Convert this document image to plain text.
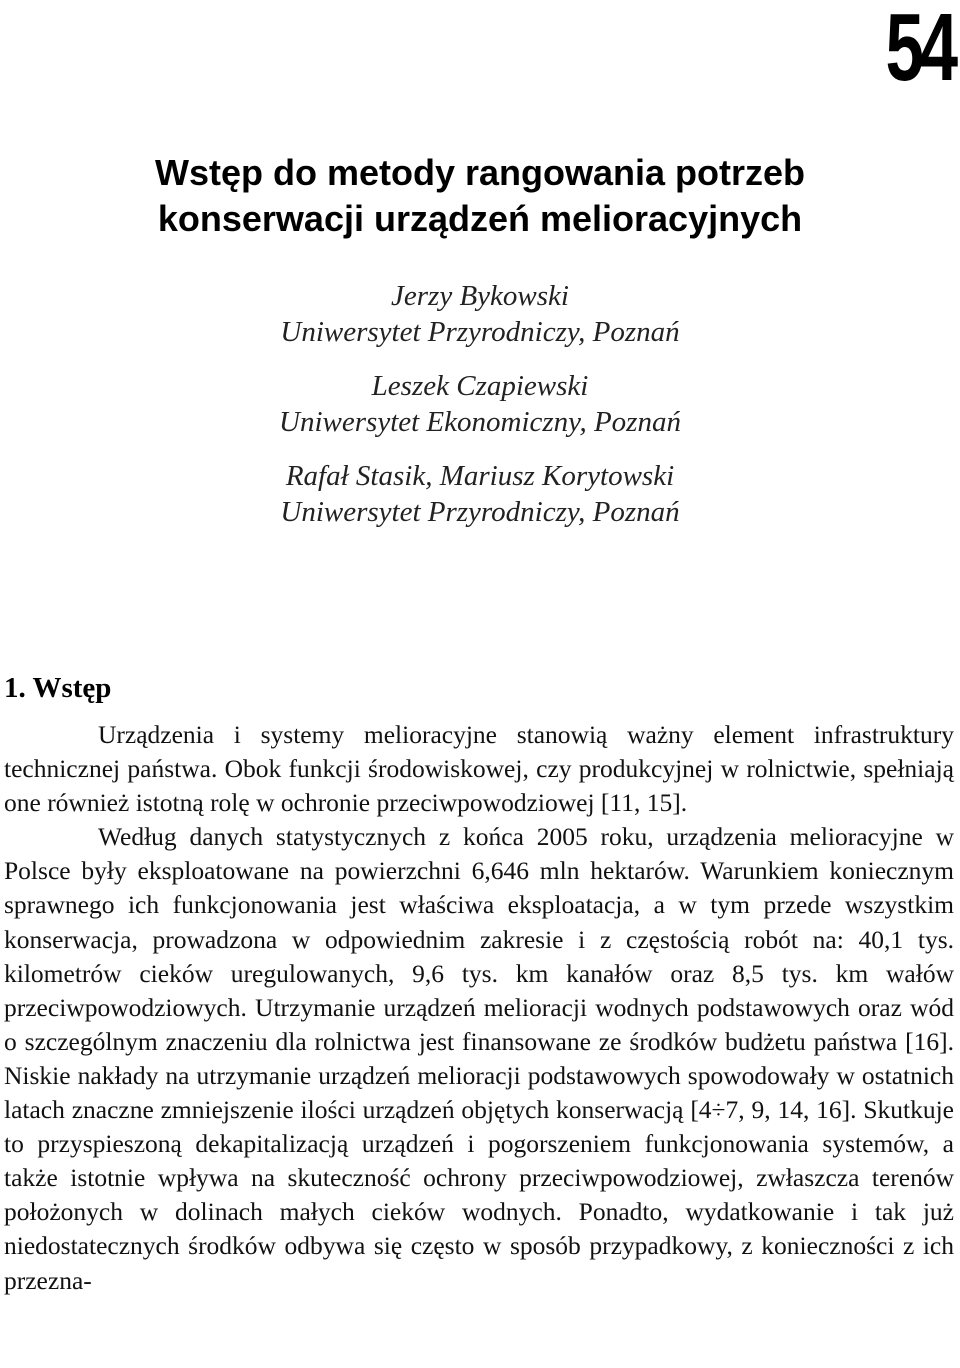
54
Wstęp do metody rangowania potrzeb
konserwacji urządzeń melioracyjnych
Jerzy Bykowski
Uniwersytet Przyrodniczy, Poznań
Leszek Czapiewski
Uniwersytet Ekonomiczny, Poznań
Rafał Stasik, Mariusz Korytowski
Uniwersytet Przyrodniczy, Poznań
1. Wstęp

Urządzenia i systemy melioracyjne stanowią ważny element infrastruktury technicznej państwa. Obok funkcji środowiskowej, czy produkcyjnej w rolnictwie, spełniają one również istotną rolę w ochronie przeciwpowodziowej [11, 15].

Według danych statystycznych z końca 2005 roku, urządzenia melioracyjne w Polsce były eksploatowane na powierzchni 6,646 mln hektarów. Warunkiem koniecznym sprawnego ich funkcjonowania jest właściwa eksploatacja, a w tym przede wszystkim konserwacja, prowadzona w odpowiednim zakresie i z częstością robót na: 40,1 tys. kilometrów cieków uregulowanych, 9,6 tys. km kanałów oraz 8,5 tys. km wałów przeciwpowodziowych. Utrzymanie urządzeń melioracji wodnych podstawowych oraz wód o szczególnym znaczeniu dla rolnictwa jest finansowane ze środków budżetu państwa [16]. Niskie nakłady na utrzymanie urządzeń melioracji podstawowych spowodowały w ostatnich latach znaczne zmniejszenie ilości urządzeń objętych konserwacją [4÷7, 9, 14, 16]. Skutkuje to przyspieszoną dekapitalizacją urządzeń i pogorszeniem funkcjonowania systemów, a także istotnie wpływa na skuteczność ochrony przeciwpowodziowej, zwłaszcza terenów położonych w dolinach małych cieków wodnych. Ponadto, wydatkowanie i tak już niedostatecznych środków odbywa się często w sposób przypadkowy, z konieczności z ich przezna-
